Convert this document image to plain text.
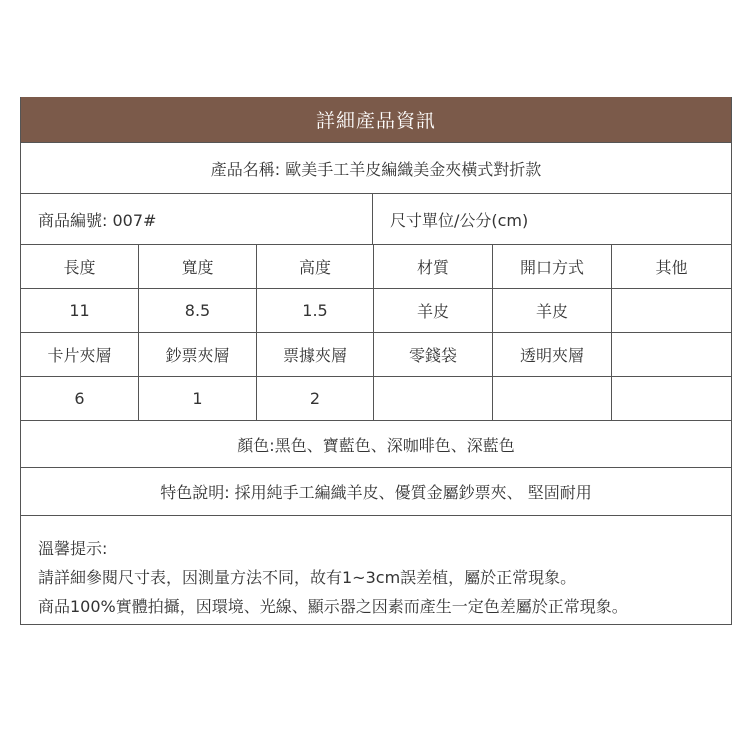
詳細產品資訊
產品名稱: 歐美手工羊皮編織美金夾橫式對折款
商品編號: 007#	尺寸單位/公分(cm)
長度	寬度	高度	材質	開口方式	其他
11	8.5	1.5	羊皮	羊皮
卡片夾層	鈔票夾層	票據夾層	零錢袋	透明夾層
6	1	2
顏色:黑色、寶藍色、深咖啡色、深藍色
特色說明: 採用純手工編織羊皮、優質金屬鈔票夾、 堅固耐用
溫馨提示:
請詳細參閱尺寸表，因測量方法不同，故有1~3cm誤差植，屬於正常現象。
商品100%實體拍攝，因環境、光線、顯示器之因素而產生一定色差屬於正常現象。
